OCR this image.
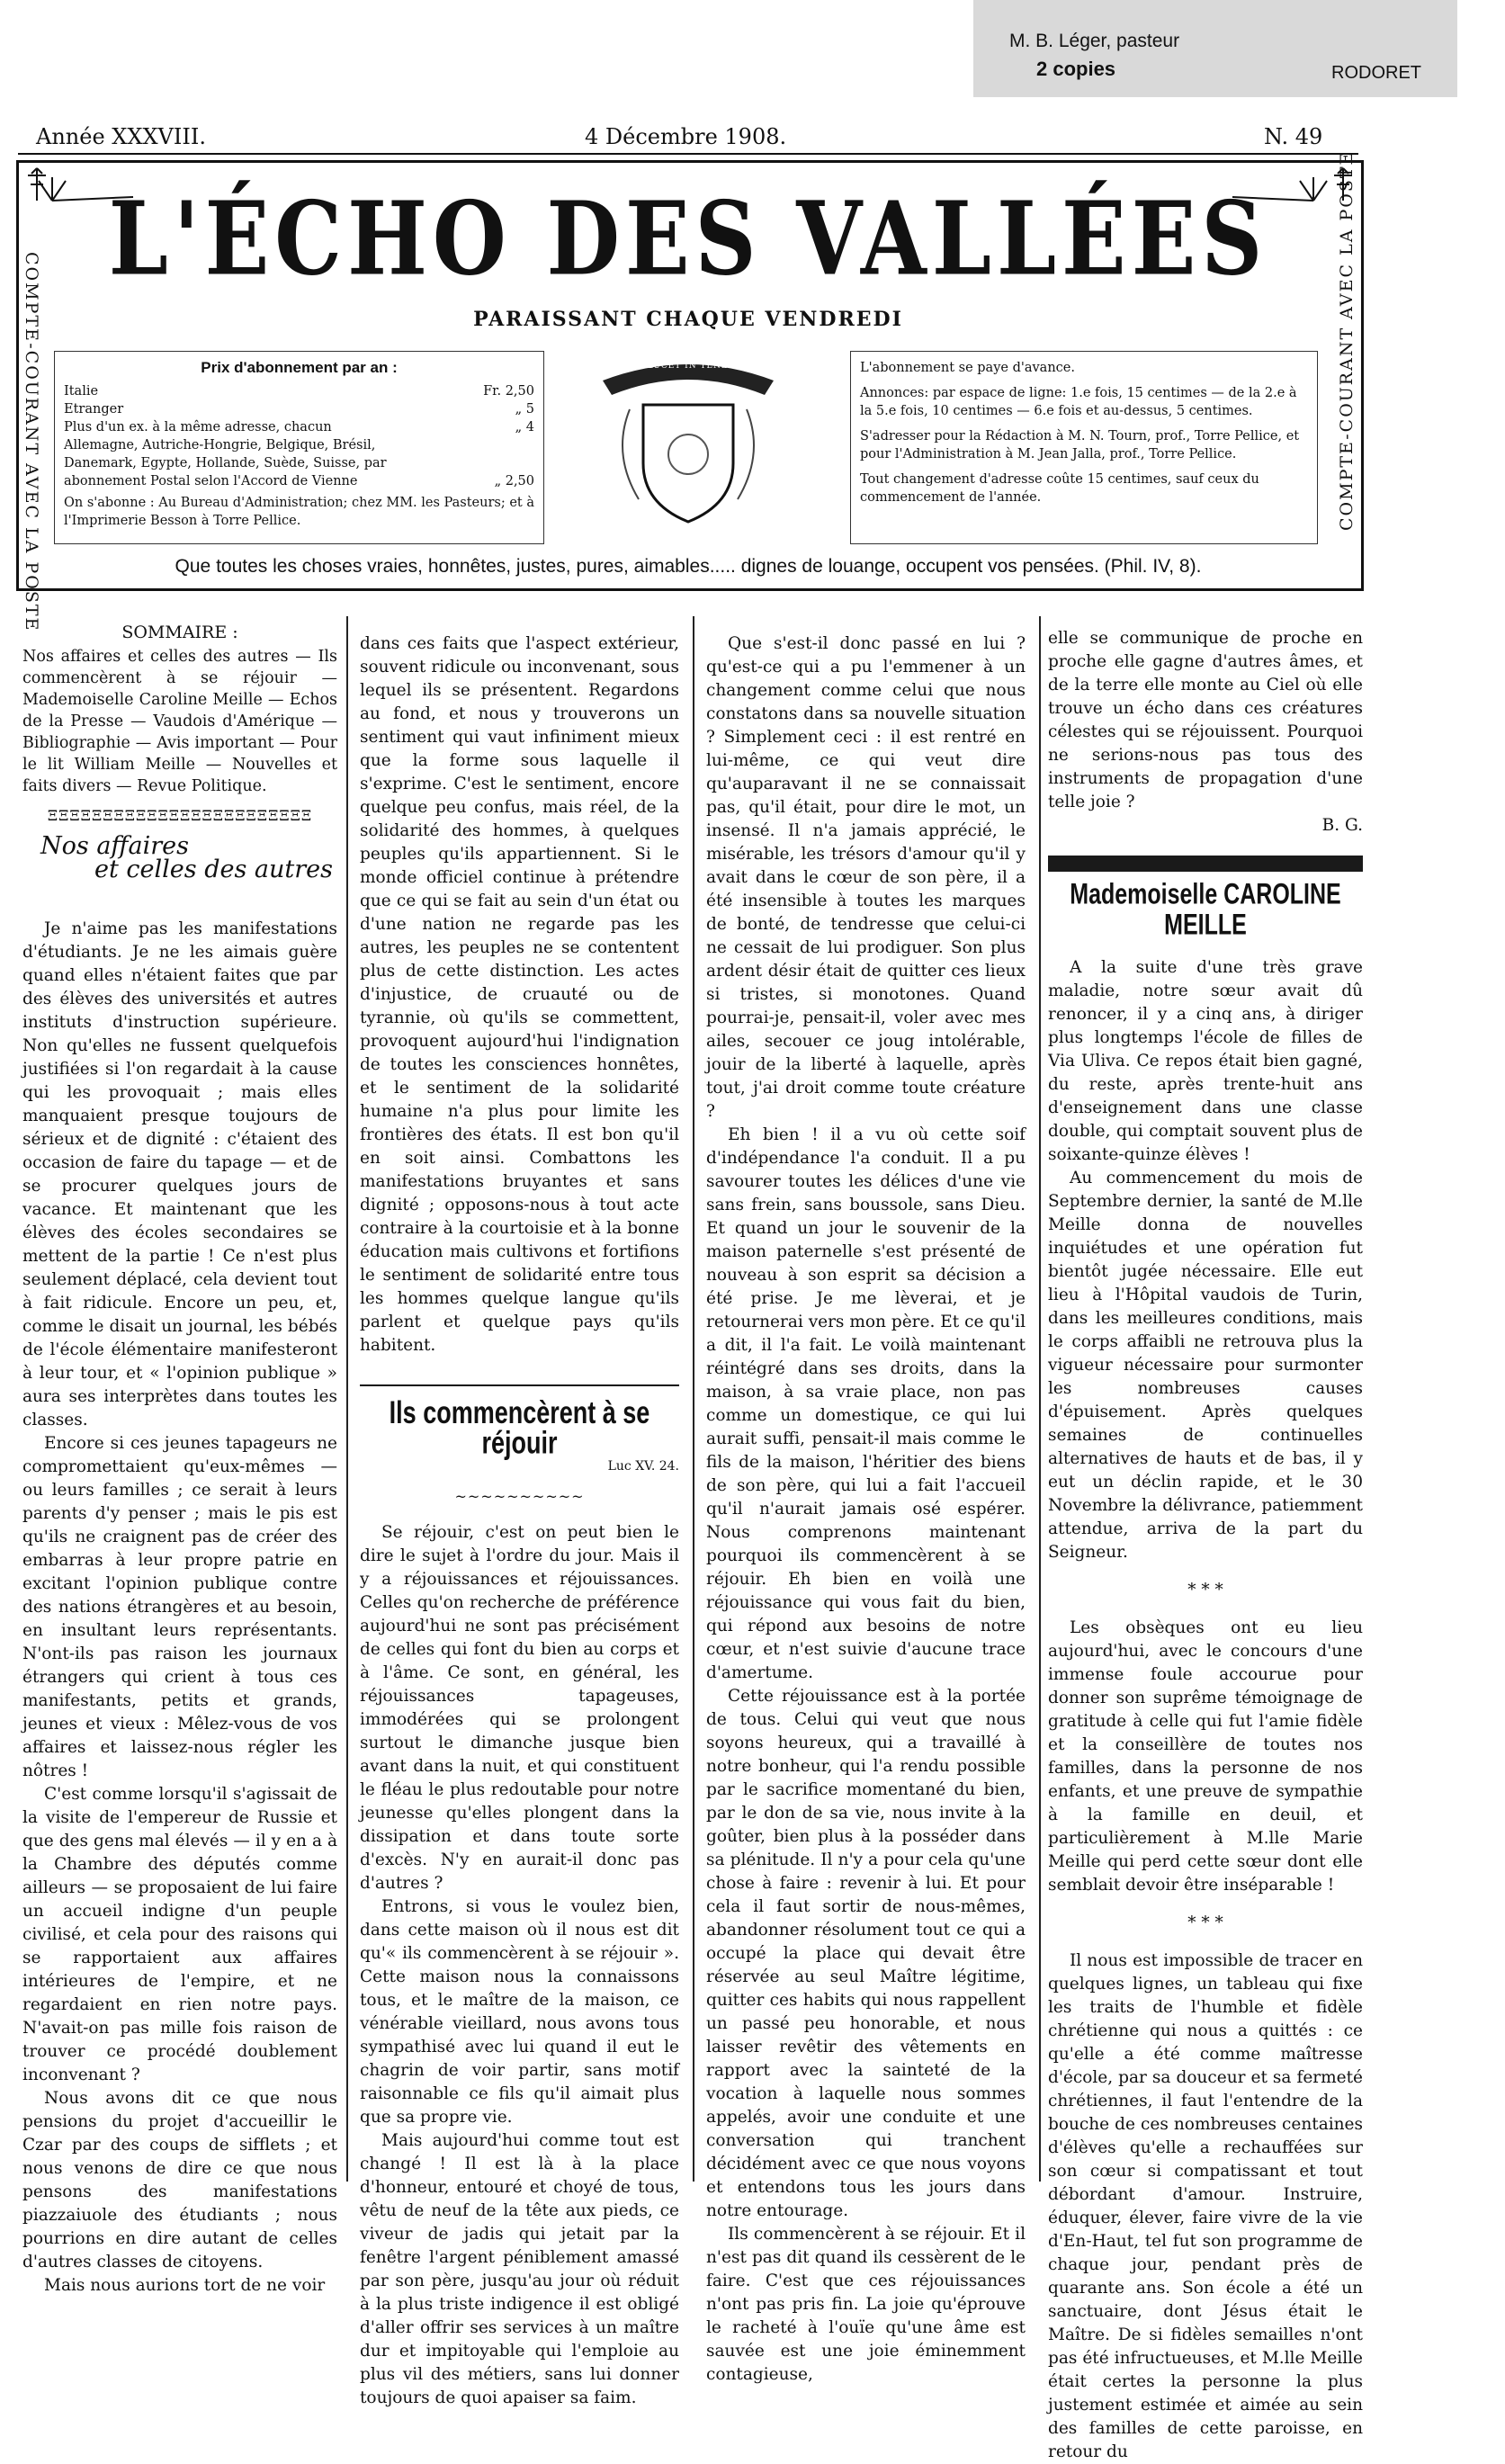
M. B. Léger, pasteur
2 copies	RODORET
Année XXXVIII.	4 Décembre 1908.	N. 49
COMPTE-COURANT AVEC LA POSTE	COMPTE-COURANT AVEC LA POSTE
L'ÉCHO DES VALLÉES
PARAISSANT CHAQUE VENDREDI
Prix d'abonnement par an :
Italie	Fr. 2,50
Etranger	„ 5
Plus d'un ex. à la même adresse, chacun	„ 4
Allemagne, Autriche-Hongrie, Belgique, Brésil, Danemark, Egypte, Hollande, Suède, Suisse, par abonnement Postal selon l'Accord de Vienne	„ 2,50
On s'abonne : Au Bureau d'Administration; chez MM. les Pasteurs; et à l'Imprimerie Besson à Torre Pellice.
LUX LUCET IN TENEBRIS	L'abonnement se paye d'avance.
Annonces: par espace de ligne: 1.e fois, 15 centimes — de la 2.e à la 5.e fois, 10 centimes — 6.e fois et au-dessus, 5 centimes.
S'adresser pour la Rédaction à M. N. Tourn, prof., Torre Pellice, et pour l'Administration à M. Jean Jalla, prof., Torre Pellice.
Tout changement d'adresse coûte 15 centimes, sauf ceux du commencement de l'année.
Que toutes les choses vraies, honnêtes, justes, pures, aimables..... dignes de louange, occupent vos pensées. (Phil. IV, 8).
SOMMAIRE :
Nos affaires et celles des autres — Ils commencèrent à se réjouir — Mademoiselle Caroline Meille — Echos de la Presse — Vaudois d'Amérique — Bibliographie — Avis important — Pour le lit William Meille — Nouvelles et faits divers — Revue Politique.
ΞΞΞΞΞΞΞΞΞΞΞΞΞΞΞΞΞΞΞΞΞΞΞΞ
Nos affaires
et celles des autres

Je n'aime pas les manifestations d'étudiants. Je ne les aimais guère quand elles n'étaient faites que par des élèves des universités et autres instituts d'instruction supérieure. Non qu'elles ne fussent quelquefois justifiées si l'on regardait à la cause qui les provoquait ; mais elles manquaient presque toujours de sérieux et de dignité : c'étaient des occasion de faire du tapage — et de se procurer quelques jours de vacance. Et maintenant que les élèves des écoles secondaires se mettent de la partie ! Ce n'est plus seulement déplacé, cela devient tout à fait ridicule. Encore un peu, et, comme le disait un journal, les bébés de l'école élémentaire manifesteront à leur tour, et « l'opinion publique » aura ses interprètes dans toutes les classes.

Encore si ces jeunes tapageurs ne compromettaient qu'eux-mêmes — ou leurs familles ; ce serait à leurs parents d'y penser ; mais le pis est qu'ils ne craignent pas de créer des embarras à leur propre patrie en excitant l'opinion publique contre des nations étrangères et au besoin, en insultant leurs représentants. N'ont-ils pas raison les journaux étrangers qui crient à tous ces manifestants, petits et grands, jeunes et vieux : Mêlez-vous de vos affaires et laissez-nous régler les nôtres !

C'est comme lorsqu'il s'agissait de la visite de l'empereur de Russie et que des gens mal élevés — il y en a à la Chambre des députés comme ailleurs — se proposaient de lui faire un accueil indigne d'un peuple civilisé, et cela pour des raisons qui se rapportaient aux affaires intérieures de l'empire, et ne regardaient en rien notre pays. N'avait-on pas mille fois raison de trouver ce procédé doublement inconvenant ?

Nous avons dit ce que nous pensions du projet d'accueillir le Czar par des coups de sifflets ; et nous venons de dire ce que nous pensons des manifestations piazzaiuole des étudiants ; nous pourrions en dire autant de celles d'autres classes de citoyens.

Mais nous aurions tort de ne voir

dans ces faits que l'aspect extérieur, souvent ridicule ou inconvenant, sous lequel ils se présentent. Regardons au fond, et nous y trouverons un sentiment qui vaut infiniment mieux que la forme sous laquelle il s'exprime. C'est le sentiment, encore quelque peu confus, mais réel, de la solidarité des hommes, à quelques peuples qu'ils appartiennent. Si le monde officiel continue à prétendre que ce qui se fait au sein d'un état ou d'une nation ne regarde pas les autres, les peuples ne se contentent plus de cette distinction. Les actes d'injustice, de cruauté ou de tyrannie, où qu'ils se commettent, provoquent aujourd'hui l'indignation de toutes les consciences honnêtes, et le sentiment de la solidarité humaine n'a plus pour limite les frontières des états. Il est bon qu'il en soit ainsi. Combattons les manifestations bruyantes et sans dignité ; opposons-nous à tout acte contraire à la courtoisie et à la bonne éducation mais cultivons et fortifions le sentiment de solidarité entre tous les hommes quelque langue qu'ils parlent et quelque pays qu'ils habitent.

Ils commencèrent à se réjouir
Luc XV. 24.
~~~~~~~~~~

Se réjouir, c'est on peut bien le dire le sujet à l'ordre du jour. Mais il y a réjouissances et réjouissances. Celles qu'on recherche de préférence aujourd'hui ne sont pas précisément de celles qui font du bien au corps et à l'âme. Ce sont, en général, les réjouissances tapageuses, immodérées qui se prolongent surtout le dimanche jusque bien avant dans la nuit, et qui constituent le fléau le plus redoutable pour notre jeunesse qu'elles plongent dans la dissipation et dans toute sorte d'excès. N'y en aurait-il donc pas d'autres ?

Entrons, si vous le voulez bien, dans cette maison où il nous est dit qu'« ils commencèrent à se réjouir ». Cette maison nous la connaissons tous, et le maître de la maison, ce vénérable vieillard, nous avons tous sympathisé avec lui quand il eut le chagrin de voir partir, sans motif raisonnable ce fils qu'il aimait plus que sa propre vie.

Mais aujourd'hui comme tout est changé ! Il est là à la place d'honneur, entouré et choyé de tous, vêtu de neuf de la tête aux pieds, ce viveur de jadis qui jetait par la fenêtre l'argent péniblement amassé par son père, jusqu'au jour où réduit à la plus triste indigence il est obligé d'aller offrir ses services à un maître dur et impitoyable qui l'emploie au plus vil des métiers, sans lui donner toujours de quoi apaiser sa faim.

Que s'est-il donc passé en lui ? qu'est-ce qui a pu l'emmener à un changement comme celui que nous constatons dans sa nouvelle situation ? Simplement ceci : il est rentré en lui-même, ce qui veut dire qu'auparavant il ne se connaissait pas, qu'il était, pour dire le mot, un insensé. Il n'a jamais apprécié, le misérable, les trésors d'amour qu'il y avait dans le cœur de son père, il a été insensible à toutes les marques de bonté, de tendresse que celui-ci ne cessait de lui prodiguer. Son plus ardent désir était de quitter ces lieux si tristes, si monotones. Quand pourrai-je, pensait-il, voler avec mes ailes, secouer ce joug intolérable, jouir de la liberté à laquelle, après tout, j'ai droit comme toute créature ?

Eh bien ! il a vu où cette soif d'indépendance l'a conduit. Il a pu savourer toutes les délices d'une vie sans frein, sans boussole, sans Dieu. Et quand un jour le souvenir de la maison paternelle s'est présenté de nouveau à son esprit sa décision a été prise. Je me lèverai, et je retournerai vers mon père. Et ce qu'il a dit, il l'a fait. Le voilà maintenant réintégré dans ses droits, dans la maison, à sa vraie place, non pas comme un domestique, ce qui lui aurait suffi, pensait-il mais comme le fils de la maison, l'héritier des biens de son père, qui lui a fait l'accueil qu'il n'aurait jamais osé espérer. Nous comprenons maintenant pourquoi ils commencèrent à se réjouir. Eh bien en voilà une réjouissance qui vous fait du bien, qui répond aux besoins de notre cœur, et n'est suivie d'aucune trace d'amertume.

Cette réjouissance est à la portée de tous. Celui qui veut que nous soyons heureux, qui a travaillé à notre bonheur, qui l'a rendu possible par le sacrifice momentané du bien, par le don de sa vie, nous invite à la goûter, bien plus à la posséder dans sa plénitude. Il n'y a pour cela qu'une chose à faire : revenir à lui. Et pour cela il faut sortir de nous-mêmes, abandonner résolument tout ce qui a occupé la place qui devait être réservée au seul Maître légitime, quitter ces habits qui nous rappellent un passé peu honorable, et nous laisser revêtir des vêtements en rapport avec la sainteté de la vocation à laquelle nous sommes appelés, avoir une conduite et une conversation qui tranchent décidément avec ce que nous voyons et entendons tous les jours dans notre entourage.

Ils commencèrent à se réjouir. Et il n'est pas dit quand ils cessèrent de le faire. C'est que ces réjouissances n'ont pas pris fin. La joie qu'éprouve le racheté à l'ouïe qu'une âme est sauvée est une joie éminemment contagieuse,

elle se communique de proche en proche elle gagne d'autres âmes, et de la terre elle monte au Ciel où elle trouve un écho dans ces créatures célestes qui se réjouissent. Pourquoi ne serions-nous pas tous des instruments de propagation d'une telle joie ?

B. G.
Mademoiselle CAROLINE MEILLE

A la suite d'une très grave maladie, notre sœur avait dû renoncer, il y a cinq ans, à diriger plus longtemps l'école de filles de Via Uliva. Ce repos était bien gagné, du reste, après trente-huit ans d'enseignement dans une classe double, qui comptait souvent plus de soixante-quinze élèves !

Au commencement du mois de Septembre dernier, la santé de M.lle Meille donna de nouvelles inquiétudes et une opération fut bientôt jugée nécessaire. Elle eut lieu à l'Hôpital vaudois de Turin, dans les meilleures conditions, mais le corps affaibli ne retrouva plus la vigueur nécessaire pour surmonter les nombreuses causes d'épuisement. Après quelques semaines de continuelles alternatives de hauts et de bas, il y eut un déclin rapide, et le 30 Novembre la délivrance, patiemment attendue, arriva de la part du Seigneur.

* * *

Les obsèques ont eu lieu aujourd'hui, avec le concours d'une immense foule accourue pour donner son suprême témoignage de gratitude à celle qui fut l'amie fidèle et la conseillère de toutes nos familles, dans la personne de nos enfants, et une preuve de sympathie à la famille en deuil, et particulièrement à M.lle Marie Meille qui perd cette sœur dont elle semblait devoir être inséparable !

* * *

Il nous est impossible de tracer en quelques lignes, un tableau qui fixe les traits de l'humble et fidèle chrétienne qui nous a quittés : ce qu'elle a été comme maîtresse d'école, par sa douceur et sa fermeté chrétiennes, il faut l'entendre de la bouche de ces nombreuses centaines d'élèves qu'elle a rechauffées sur son cœur si compatissant et tout débordant d'amour. Instruire, éduquer, élever, faire vivre de la vie d'En-Haut, tel fut son programme de chaque jour, pendant près de quarante ans. Son école a été un sanctuaire, dont Jésus était le Maître. De si fidèles semailles n'ont pas été infructueuses, et M.lle Meille était certes la personne la plus justement estimée et aimée au sein des familles de cette paroisse, en retour du
